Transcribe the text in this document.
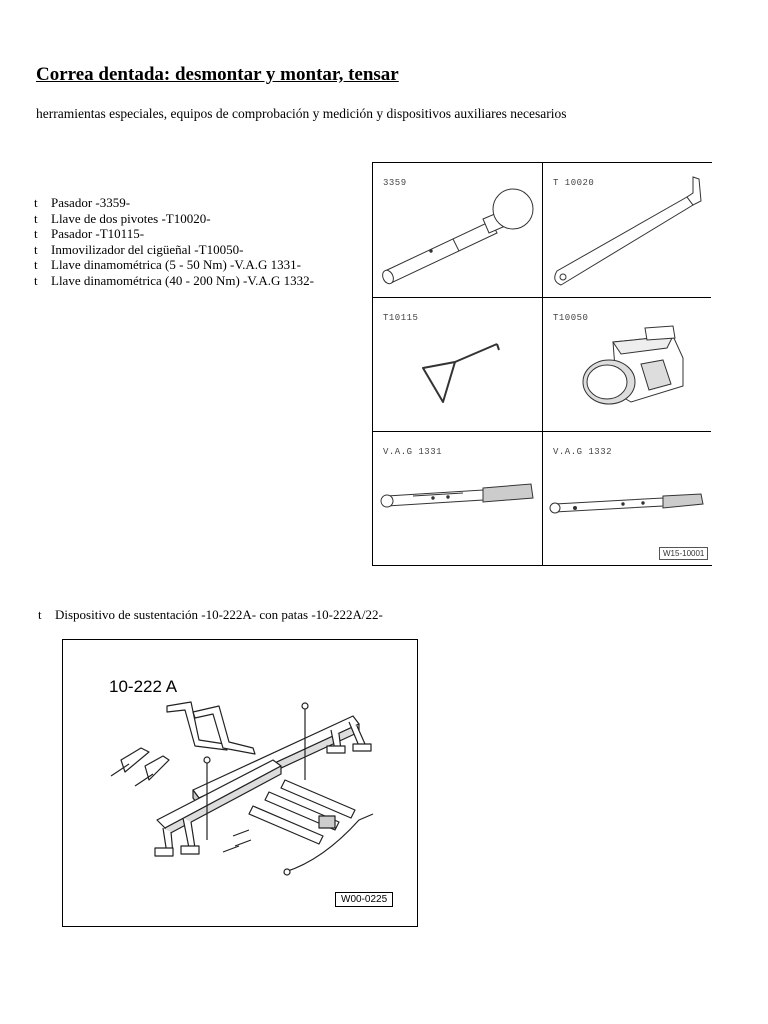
Correa dentada: desmontar y montar, tensar

herramientas especiales, equipos de comprobación y medición y dispositivos auxiliares necesarios

t Pasador -3359-
t Llave de dos pivotes -T10020-
t Pasador -T10115-
t Inmovilizador del cigüeñal -T10050-
t Llave dinamométrica (5 - 50 Nm) -V.A.G 1331-
t Llave dinamométrica (40 - 200 Nm) -V.A.G 1332-
3359	T 10020
T10115	T10050
V.A.G 1331	V.A.G 1332
W15-10001

t Dispositivo de sustentación -10-222A- con patas -10-222A/22-

10-222 A
W00-0225
